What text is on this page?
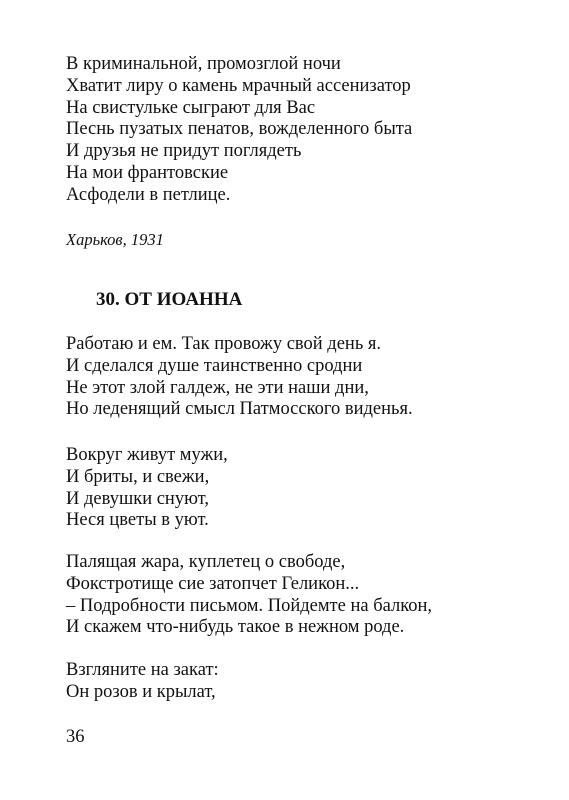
В криминальной, промозглой ночи
Хватит лиру о камень мрачный ассенизатор
На свистульке сыграют для Вас
Песнь пузатых пенатов, вожделенного быта
И друзья не придут поглядеть
На мои франтовские
Асфодели в петлице.
Харьков, 1931
30. ОТ ИОАННА
Работаю и ем. Так провожу свой день я.
И сделался душе таинственно сродни
Не этот злой галдеж, не эти наши дни,
Но леденящий смысл Патмосского виденья.
Вокруг живут мужи,
И бриты, и свежи,
И девушки снуют,
Неся цветы в уют.
Палящая жара, куплетец о свободе,
Фокстротище сие затопчет Геликон...
– Подробности письмом. Пойдемте на балкон,
И скажем что-нибудь такое в нежном роде.
Взгляните на закат:
Он розов и крылат,
36
